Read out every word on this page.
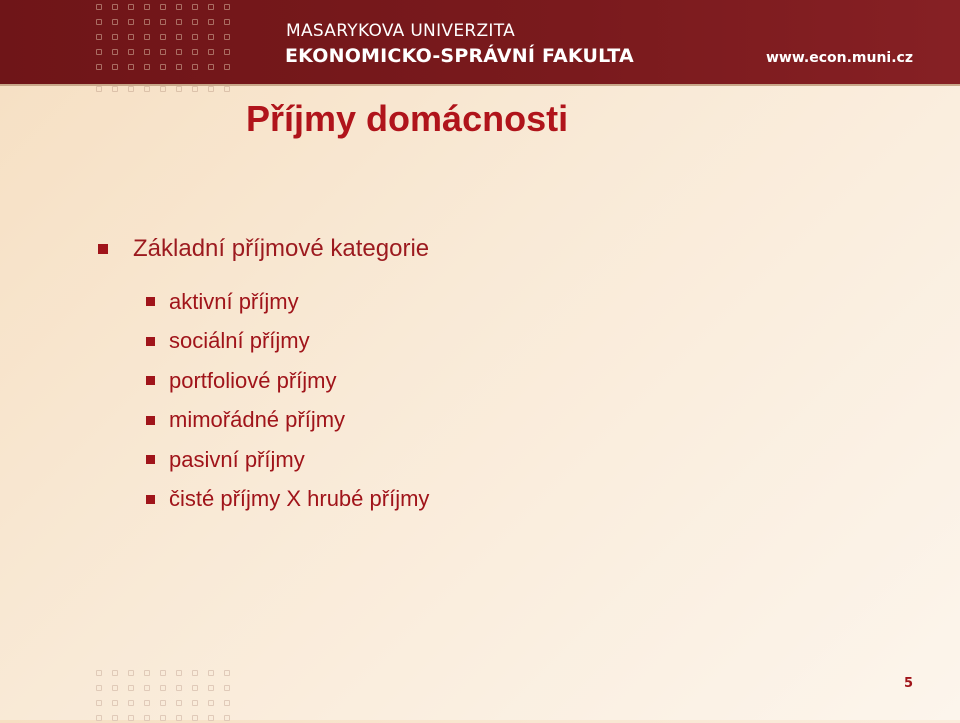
MASARYKOVA UNIVERZITA
EKONOMICKO-SPRÁVNÍ FAKULTA	www.econ.muni.cz
Příjmy domácnosti
Základní příjmové kategorie
aktivní příjmy
sociální příjmy
portfoliové příjmy
mimořádné příjmy
pasivní příjmy
čisté příjmy X hrubé příjmy
5
